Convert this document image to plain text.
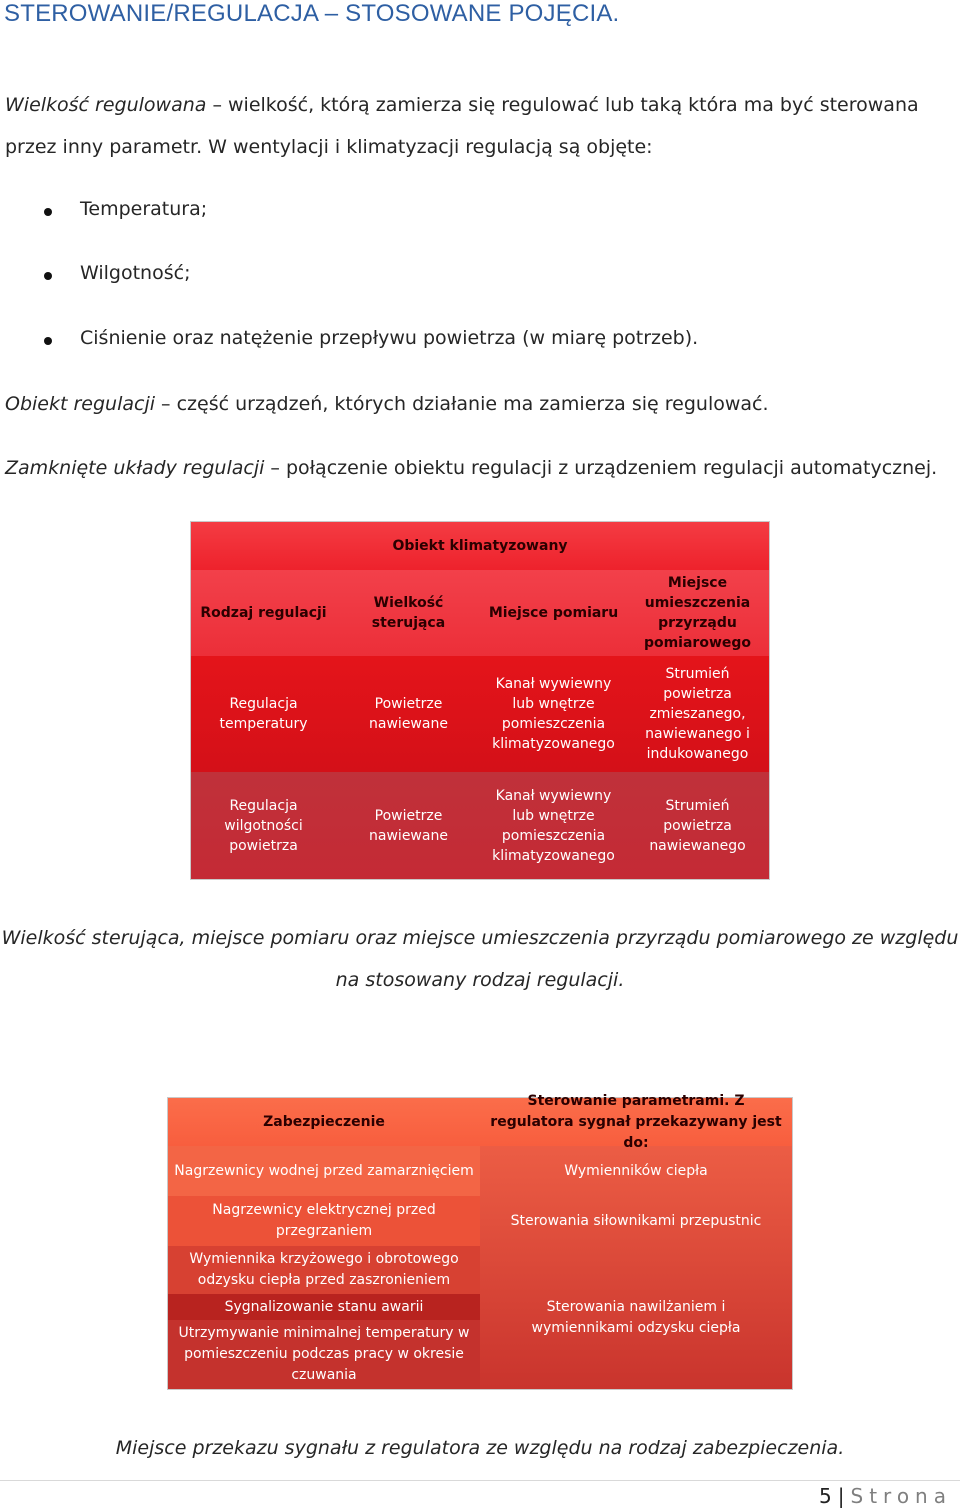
STEROWANIE/REGULACJA – STOSOWANE POJĘCIA.
Wielkość regulowana – wielkość, którą zamierza się regulować lub taką która ma być sterowana
przez inny parametr. W wentylacji i klimatyzacji regulacją są objęte:
Temperatura;
Wilgotność;
Ciśnienie oraz natężenie przepływu powietrza (w miarę potrzeb).
Obiekt regulacji – część urządzeń, których działanie ma zamierza się regulować.
Zamknięte układy regulacji – połączenie obiektu regulacji z urządzeniem regulacji automatycznej.
Obiekt klimatyzowany
Rodzaj regulacji
Wielkość sterująca
Miejsce pomiaru
Miejsce umieszczenia przyrządu pomiarowego
Regulacja temperatury
Powietrze nawiewane
Kanał wywiewny lub wnętrze pomieszczenia klimatyzowanego
Strumień powietrza zmieszanego, nawiewanego i indukowanego
Regulacja wilgotności powietrza
Powietrze nawiewane
Kanał wywiewny lub wnętrze pomieszczenia klimatyzowanego
Strumień powietrza nawiewanego
Wielkość sterująca, miejsce pomiaru oraz miejsce umieszczenia przyrządu pomiarowego ze względu
na stosowany rodzaj regulacji.
Zabezpieczenie
Nagrzewnicy wodnej przed zamarznięciem
Nagrzewnicy elektrycznej przed przegrzaniem
Wymiennika krzyżowego i obrotowego odzysku ciepła przed zaszronieniem
Sygnalizowanie stanu awarii
Utrzymywanie minimalnej temperatury w pomieszczeniu podczas pracy w okresie czuwania
Sterowanie parametrami. Z regulatora sygnał przekazywany jest do:
Wymienników ciepła
Sterowania siłownikami przepustnic
Sterowania nawilżaniem i wymiennikami odzysku ciepła
Miejsce przekazu sygnału z regulatora ze względu na rodzaj zabezpieczenia.
5 | Strona
